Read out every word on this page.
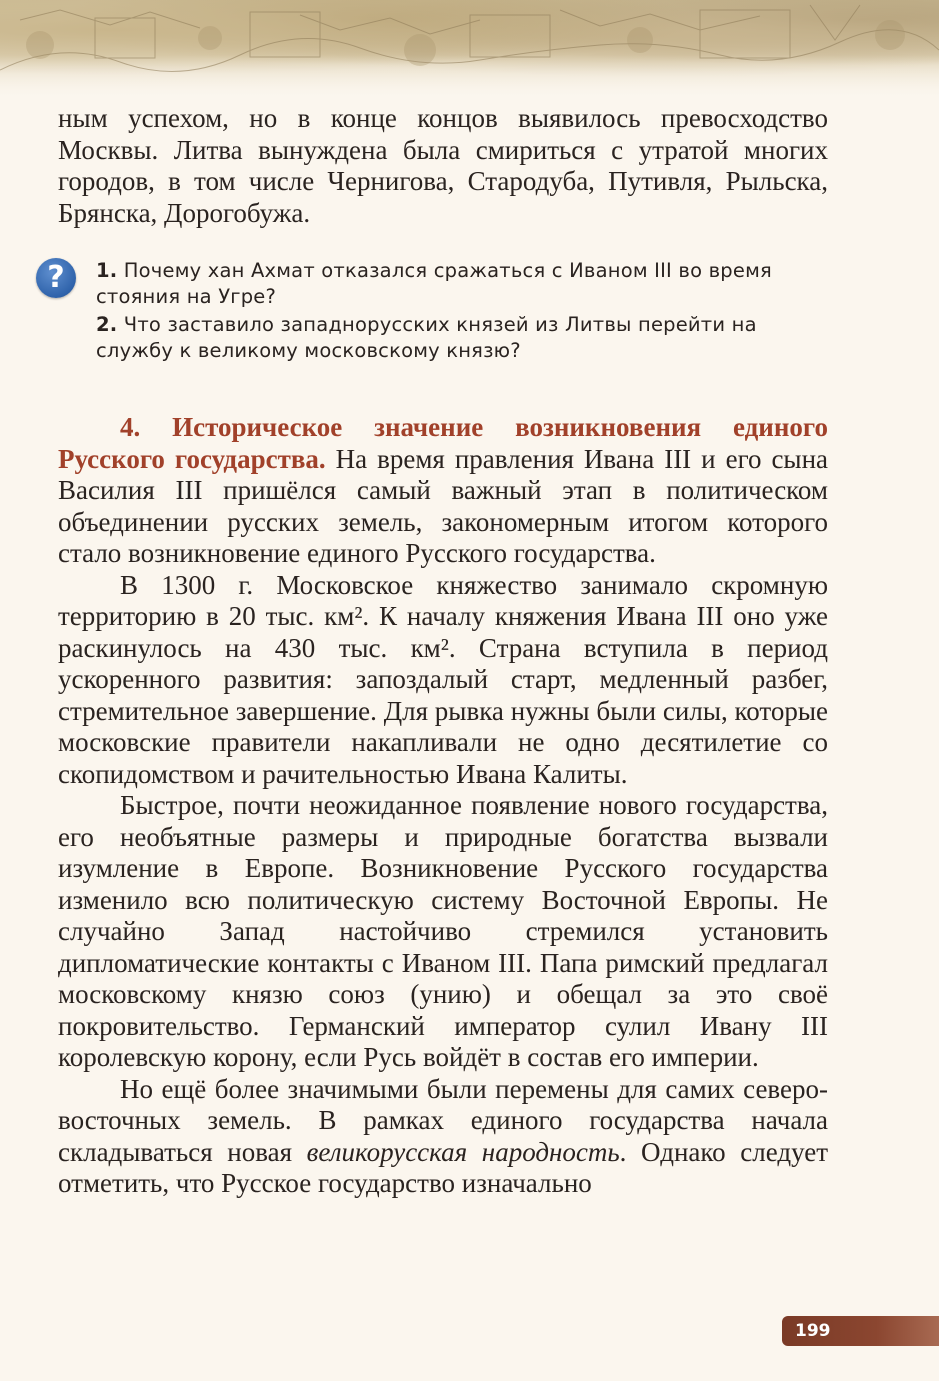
ным успехом, но в конце концов выявилось превосходство Москвы. Литва вынуждена была смириться с утратой многих городов, в том числе Чернигова, Стародуба, Путивля, Рыльска, Брянска, Дорогобужа.

?	1. Почему хан Ахмат отказался сражаться с Иваном III во время стояния на Угре?

2. Что заставило западнорусских князей из Литвы перейти на службу к великому московскому князю?

4. Историческое значение возникновения единого Русского государства. На время правления Ивана III и его сына Василия III пришёлся самый важный этап в политическом объединении русских земель, закономерным итогом которого стало возникновение единого Русского государства.

В 1300 г. Московское княжество занимало скромную территорию в 20 тыс. км². К началу княжения Ивана III оно уже раскинулось на 430 тыс. км². Страна вступила в период ускоренного развития: запоздалый старт, медленный разбег, стремительное завершение. Для рывка нужны были силы, которые московские правители накапливали не одно десятилетие со скопидомством и рачительностью Ивана Калиты.

Быстрое, почти неожиданное появление нового государства, его необъятные размеры и природные богатства вызвали изумление в Европе. Возникновение Русского государства изменило всю политическую систему Восточной Европы. Не случайно Запад настойчиво стремился установить дипломатические контакты с Иваном III. Папа римский предлагал московскому князю союз (унию) и обещал за это своё покровительство. Германский император сулил Ивану III королевскую корону, если Русь войдёт в состав его империи.

Но ещё более значимыми были перемены для самих северо-восточных земель. В рамках единого государства начала складываться новая великорусская народность. Однако следует отметить, что Русское государство изначально

199
